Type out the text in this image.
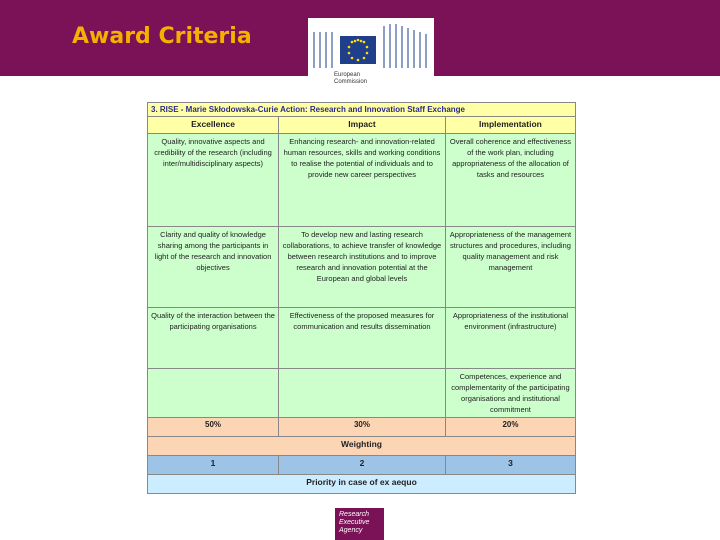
Award Criteria
European
Commission
3. RISE - Marie Skłodowska-Curie Action: Research and Innovation Staff Exchange		
Excellence	Impact	Implementation
Quality, innovative aspects and credibility of the research (including inter/multidisciplinary aspects)	Enhancing research- and innovation-related human resources, skills and working conditions to realise the potential of individuals and to provide new career perspectives	Overall coherence and effectiveness of the work plan, including appropriateness of the allocation of tasks and resources
Clarity and quality of knowledge sharing among the participants in light of the research and innovation objectives	To develop new and lasting research collaborations, to achieve transfer of knowledge between research institutions and to improve research and innovation potential at the European and global levels	Appropriateness of the management structures and procedures, including quality management and risk management
Quality of the interaction between the participating organisations	Effectiveness of the proposed measures for communication and results dissemination	Appropriateness of the institutional environment (infrastructure)
		Competences, experience and complementarity of the participating organisations and institutional commitment
50%	30%	20%
Weighting		
1	2	3
Priority in case of ex aequo		
Research
Executive
Agency
